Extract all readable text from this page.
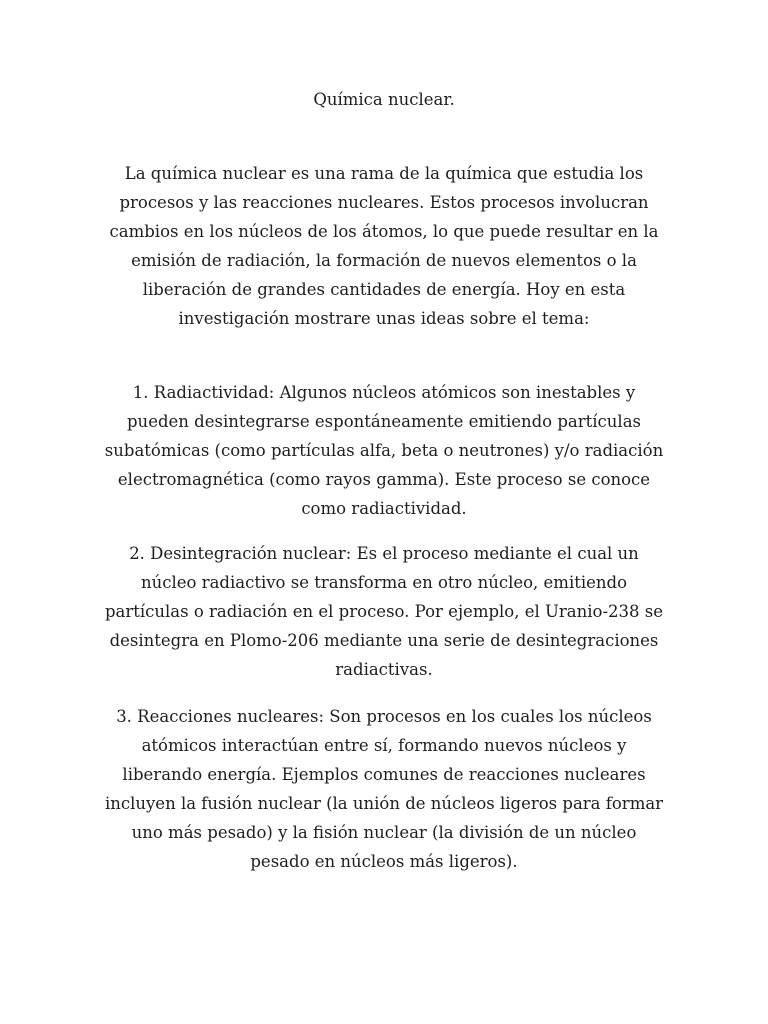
Química nuclear.

La química nuclear es una rama de la química que estudia los procesos y las reacciones nucleares. Estos procesos involucran cambios en los núcleos de los átomos, lo que puede resultar en la emisión de radiación, la formación de nuevos elementos o la liberación de grandes cantidades de energía. Hoy en esta investigación mostrare unas ideas sobre el tema:

1. Radiactividad: Algunos núcleos atómicos son inestables y pueden desintegrarse espontáneamente emitiendo partículas subatómicas (como partículas alfa, beta o neutrones) y/o radiación electromagnética (como rayos gamma). Este proceso se conoce como radiactividad.

2. Desintegración nuclear: Es el proceso mediante el cual un núcleo radiactivo se transforma en otro núcleo, emitiendo partículas o radiación en el proceso. Por ejemplo, el Uranio-238 se desintegra en Plomo-206 mediante una serie de desintegraciones radiactivas.

3. Reacciones nucleares: Son procesos en los cuales los núcleos atómicos interactúan entre sí, formando nuevos núcleos y liberando energía. Ejemplos comunes de reacciones nucleares incluyen la fusión nuclear (la unión de núcleos ligeros para formar uno más pesado) y la fisión nuclear (la división de un núcleo pesado en núcleos más ligeros).
